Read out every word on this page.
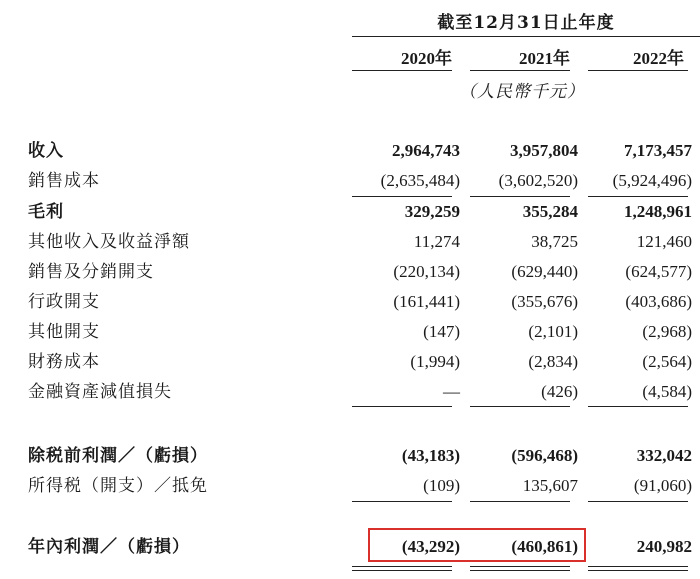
截至12月31日止年度
2020年	2021年	2022年
（人民幣千元）
收入	2,964,743	3,957,804	7,173,457
銷售成本	(2,635,484)	(3,602,520)	(5,924,496)
毛利	329,259	355,284	1,248,961
其他收入及收益淨額	11,274	38,725	121,460
銷售及分銷開支	(220,134)	(629,440)	(624,577)
行政開支	(161,441)	(355,676)	(403,686)
其他開支	(147)	(2,101)	(2,968)
財務成本	(1,994)	(2,834)	(2,564)
金融資產減值損失	—	(426)	(4,584)
除税前利潤／（虧損）	(43,183)	(596,468)	332,042
所得税（開支）／抵免	(109)	135,607	(91,060)
年內利潤／（虧損）	(43,292)	(460,861)	240,982
